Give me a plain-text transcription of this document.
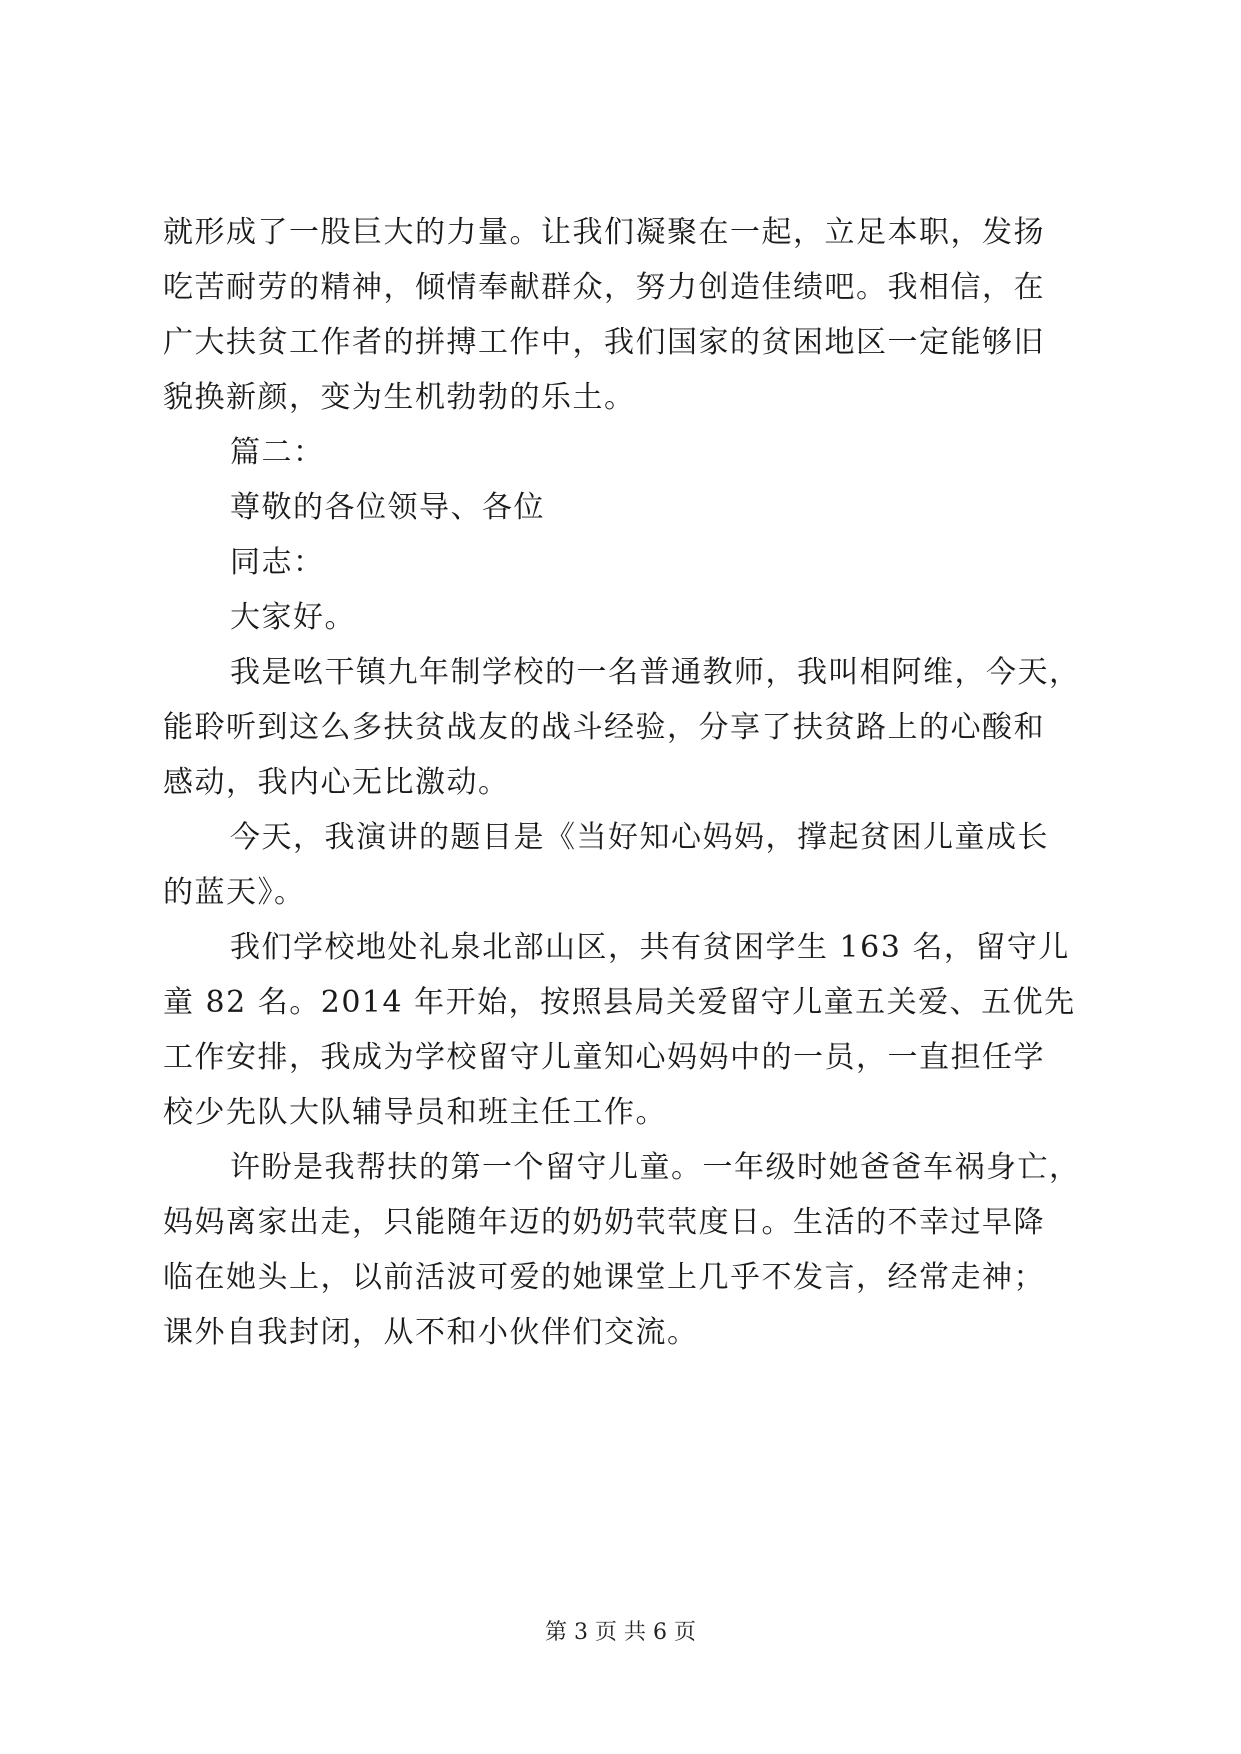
就形成了一股巨大的力量。让我们凝聚在一起，立足本职，发扬
吃苦耐劳的精神，倾情奉献群众，努力创造佳绩吧。我相信，在
广大扶贫工作者的拼搏工作中，我们国家的贫困地区一定能够旧
貌换新颜，变为生机勃勃的乐土。
篇二：
尊敬的各位领导、各位
同志：
大家好。
我是吆干镇九年制学校的一名普通教师，我叫相阿维，今天，
能聆听到这么多扶贫战友的战斗经验，分享了扶贫路上的心酸和
感动，我内心无比激动。
今天，我演讲的题目是《当好知心妈妈，撑起贫困儿童成长
的蓝天》。
我们学校地处礼泉北部山区，共有贫困学生 163 名，留守儿
童 82 名。2014 年开始，按照县局关爱留守儿童五关爱、五优先
工作安排，我成为学校留守儿童知心妈妈中的一员，一直担任学
校少先队大队辅导员和班主任工作。
许盼是我帮扶的第一个留守儿童。一年级时她爸爸车祸身亡，
妈妈离家出走，只能随年迈的奶奶茕茕度日。生活的不幸过早降
临在她头上，以前活波可爱的她课堂上几乎不发言，经常走神；
课外自我封闭，从不和小伙伴们交流。
第 3 页 共 6 页
